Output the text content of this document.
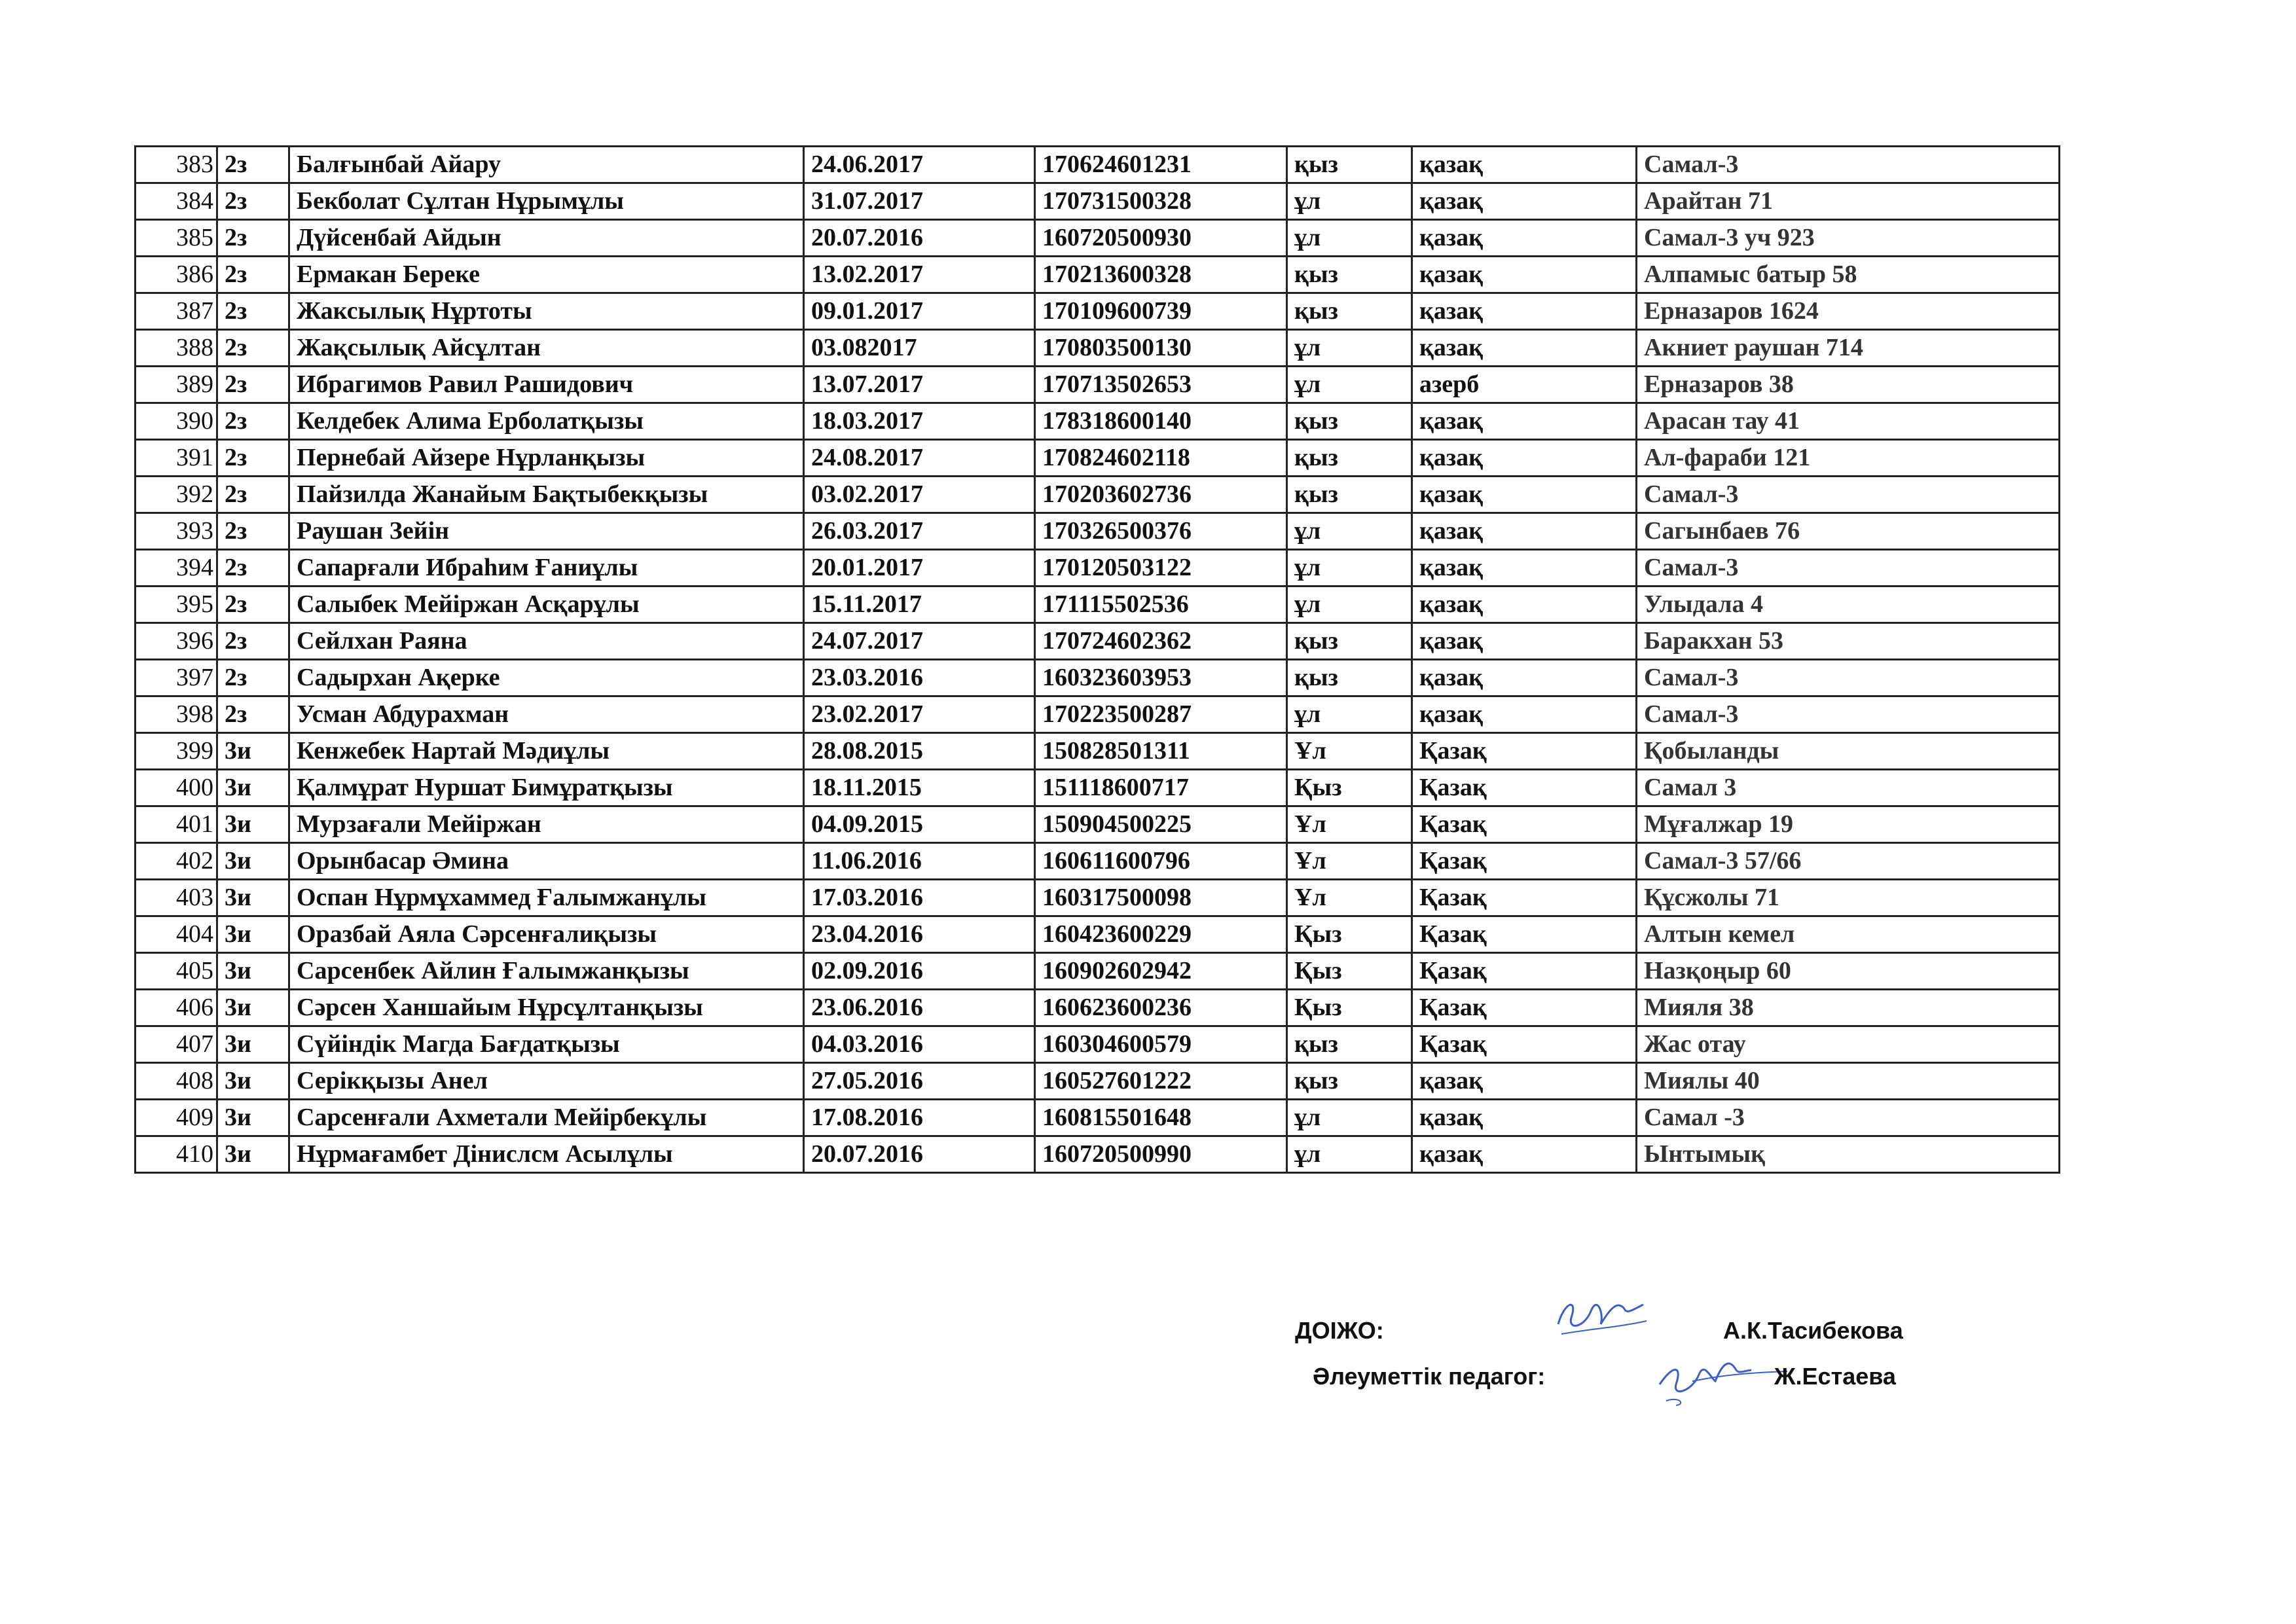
383	2з	Балғынбай Айару	24.06.2017	170624601231	қыз	қазақ	Самал-3
384	2з	Бекболат Сұлтан Нұрымұлы	31.07.2017	170731500328	ұл	қазақ	Арайтан 71
385	2з	Дүйсенбай Айдын	20.07.2016	160720500930	ұл	қазақ	Самал-3 уч 923
386	2з	Ермакан Береке	13.02.2017	170213600328	қыз	қазақ	Алпамыс батыр 58
387	2з	Жаксылық Нұртоты	09.01.2017	170109600739	қыз	қазақ	Ерназаров 1624
388	2з	Жақсылық Айсұлтан	03.082017	170803500130	ұл	қазақ	Акниет раушан 714
389	2з	Ибрагимов Равил Рашидович	13.07.2017	170713502653	ұл	азерб	Ерназаров 38
390	2з	Келдебек Алима Ерболатқызы	18.03.2017	178318600140	қыз	қазақ	Арасан тау 41
391	2з	Пернебай Айзере Нұрланқызы	24.08.2017	170824602118	қыз	қазақ	Ал-фараби 121
392	2з	Пайзилда Жанайым Бақтыбекқызы	03.02.2017	170203602736	қыз	қазақ	Самал-3
393	2з	Раушан Зейін	26.03.2017	170326500376	ұл	қазақ	Сагынбаев 76
394	2з	Сапарғали Ибраһим Ғаниұлы	20.01.2017	170120503122	ұл	қазақ	Самал-3
395	2з	Салыбек Мейіржан Асқарұлы	15.11.2017	171115502536	ұл	қазақ	Улыдала 4
396	2з	Сейлхан Раяна	24.07.2017	170724602362	қыз	қазақ	Баракхан 53
397	2з	Садырхан Ақерке	23.03.2016	160323603953	қыз	қазақ	Самал-3
398	2з	Усман Абдурахман	23.02.2017	170223500287	ұл	қазақ	Самал-3
399	3и	Кенжебек Нартай Мәдиұлы	28.08.2015	150828501311	Ұл	Қазақ	Қобыланды
400	3и	Қалмұрат Нуршат Бимұратқызы	18.11.2015	151118600717	Қыз	Қазақ	Самал 3
401	3и	Мурзағали Мейіржан	04.09.2015	150904500225	Ұл	Қазақ	Мұғалжар 19
402	3и	Орынбасар Әмина	11.06.2016	160611600796	Ұл	Қазақ	Самал-3 57/66
403	3и	Оспан Нұрмұхаммед Ғалымжанұлы	17.03.2016	160317500098	Ұл	Қазақ	Құсжолы 71
404	3и	Оразбай Аяла Сәрсенғалиқызы	23.04.2016	160423600229	Қыз	Қазақ	Алтын кемел
405	3и	Сарсенбек Айлин Ғалымжанқызы	02.09.2016	160902602942	Қыз	Қазақ	Назқоңыр 60
406	3и	Сәрсен Ханшайым Нұрсұлтанқызы	23.06.2016	160623600236	Қыз	Қазақ	Мияля 38
407	3и	Сүйіндік Магда Бағдатқызы	04.03.2016	160304600579	қыз	Қазақ	Жас отау
408	3и	Серікқызы Анел	27.05.2016	160527601222	қыз	қазақ	Миялы 40
409	3и	Сарсенғали Ахметали Мейірбекұлы	17.08.2016	160815501648	ұл	қазақ	Самал -3
410	3и	Нұрмағамбет Дінислсм Асылұлы	20.07.2016	160720500990	ұл	қазақ	Ынтымық
ДОІЖО:	А.К.Тасибекова
Әлеуметтік педагог:	Ж.Естаева
